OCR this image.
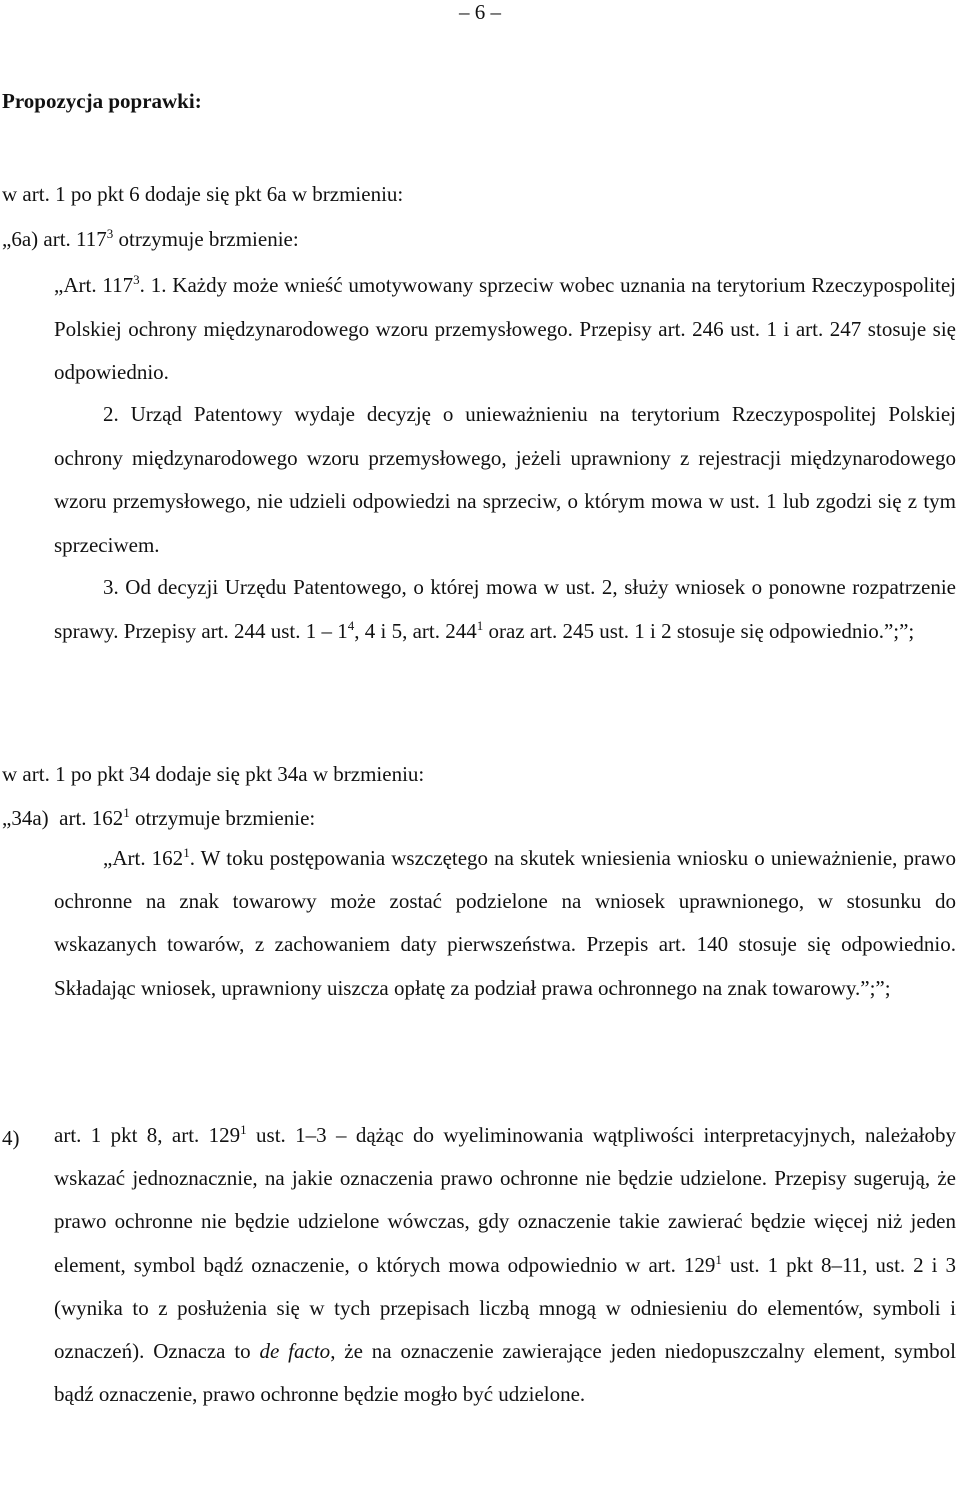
– 6 –
Propozycja poprawki:
w art. 1 po pkt 6 dodaje się pkt 6a w brzmieniu:
„6a) art. $117^3$ otrzymuje brzmienie:
„Art. $117^3$. 1. Każdy może wnieść umotywowany sprzeciw wobec uznania na terytorium Rzeczypospolitej Polskiej ochrony międzynarodowego wzoru przemysłowego. Przepisy art. 246 ust. 1 i art. 247 stosuje się odpowiednio.
2. Urząd Patentowy wydaje decyzję o unieważnieniu na terytorium Rzeczypospolitej Polskiej ochrony międzynarodowego wzoru przemysłowego, jeżeli uprawniony z rejestracji międzynarodowego wzoru przemysłowego, nie udzieli odpowiedzi na sprzeciw, o którym mowa w ust. 1 lub zgodzi się z tym sprzeciwem.
3. Od decyzji Urzędu Patentowego, o której mowa w ust. 2, służy wniosek o ponowne rozpatrzenie sprawy. Przepisy art. 244 ust. $1 - 1^4$, 4 i 5, art. $244^1$ oraz art. 245 ust. 1 i 2 stosuje się odpowiednio.”;”;
w art. 1 po pkt 34 dodaje się pkt 34a w brzmieniu:
„34a)  art. $162^1$ otrzymuje brzmienie:
„Art. $162^1$. W toku postępowania wszczętego na skutek wniesienia wniosku o unieważnienie, prawo ochronne na znak towarowy może zostać podzielone na wniosek uprawnionego, w stosunku do wskazanych towarów, z zachowaniem daty pierwszeństwa. Przepis art. 140 stosuje się odpowiednio. Składając wniosek, uprawniony uiszcza opłatę za podział prawa ochronnego na znak towarowy.”;”;
4) art. 1 pkt 8, art. $129^1$ ust. 1–3 – dążąc do wyeliminowania wątpliwości interpretacyjnych, należałoby wskazać jednoznacznie, na jakie oznaczenia prawo ochronne nie będzie udzielone. Przepisy sugerują, że prawo ochronne nie będzie udzielone wówczas, gdy oznaczenie takie zawierać będzie więcej niż jeden element, symbol bądź oznaczenie, o których mowa odpowiednio w art. $129^1$ ust. 1 pkt 8–11, ust. 2 i 3 (wynika to z posłużenia się w tych przepisach liczbą mnogą w odniesieniu do elementów, symboli i oznaczeń). Oznacza to de facto, że na oznaczenie zawierające jeden niedopuszczalny element, symbol bądź oznaczenie, prawo ochronne będzie mogło być udzielone.
